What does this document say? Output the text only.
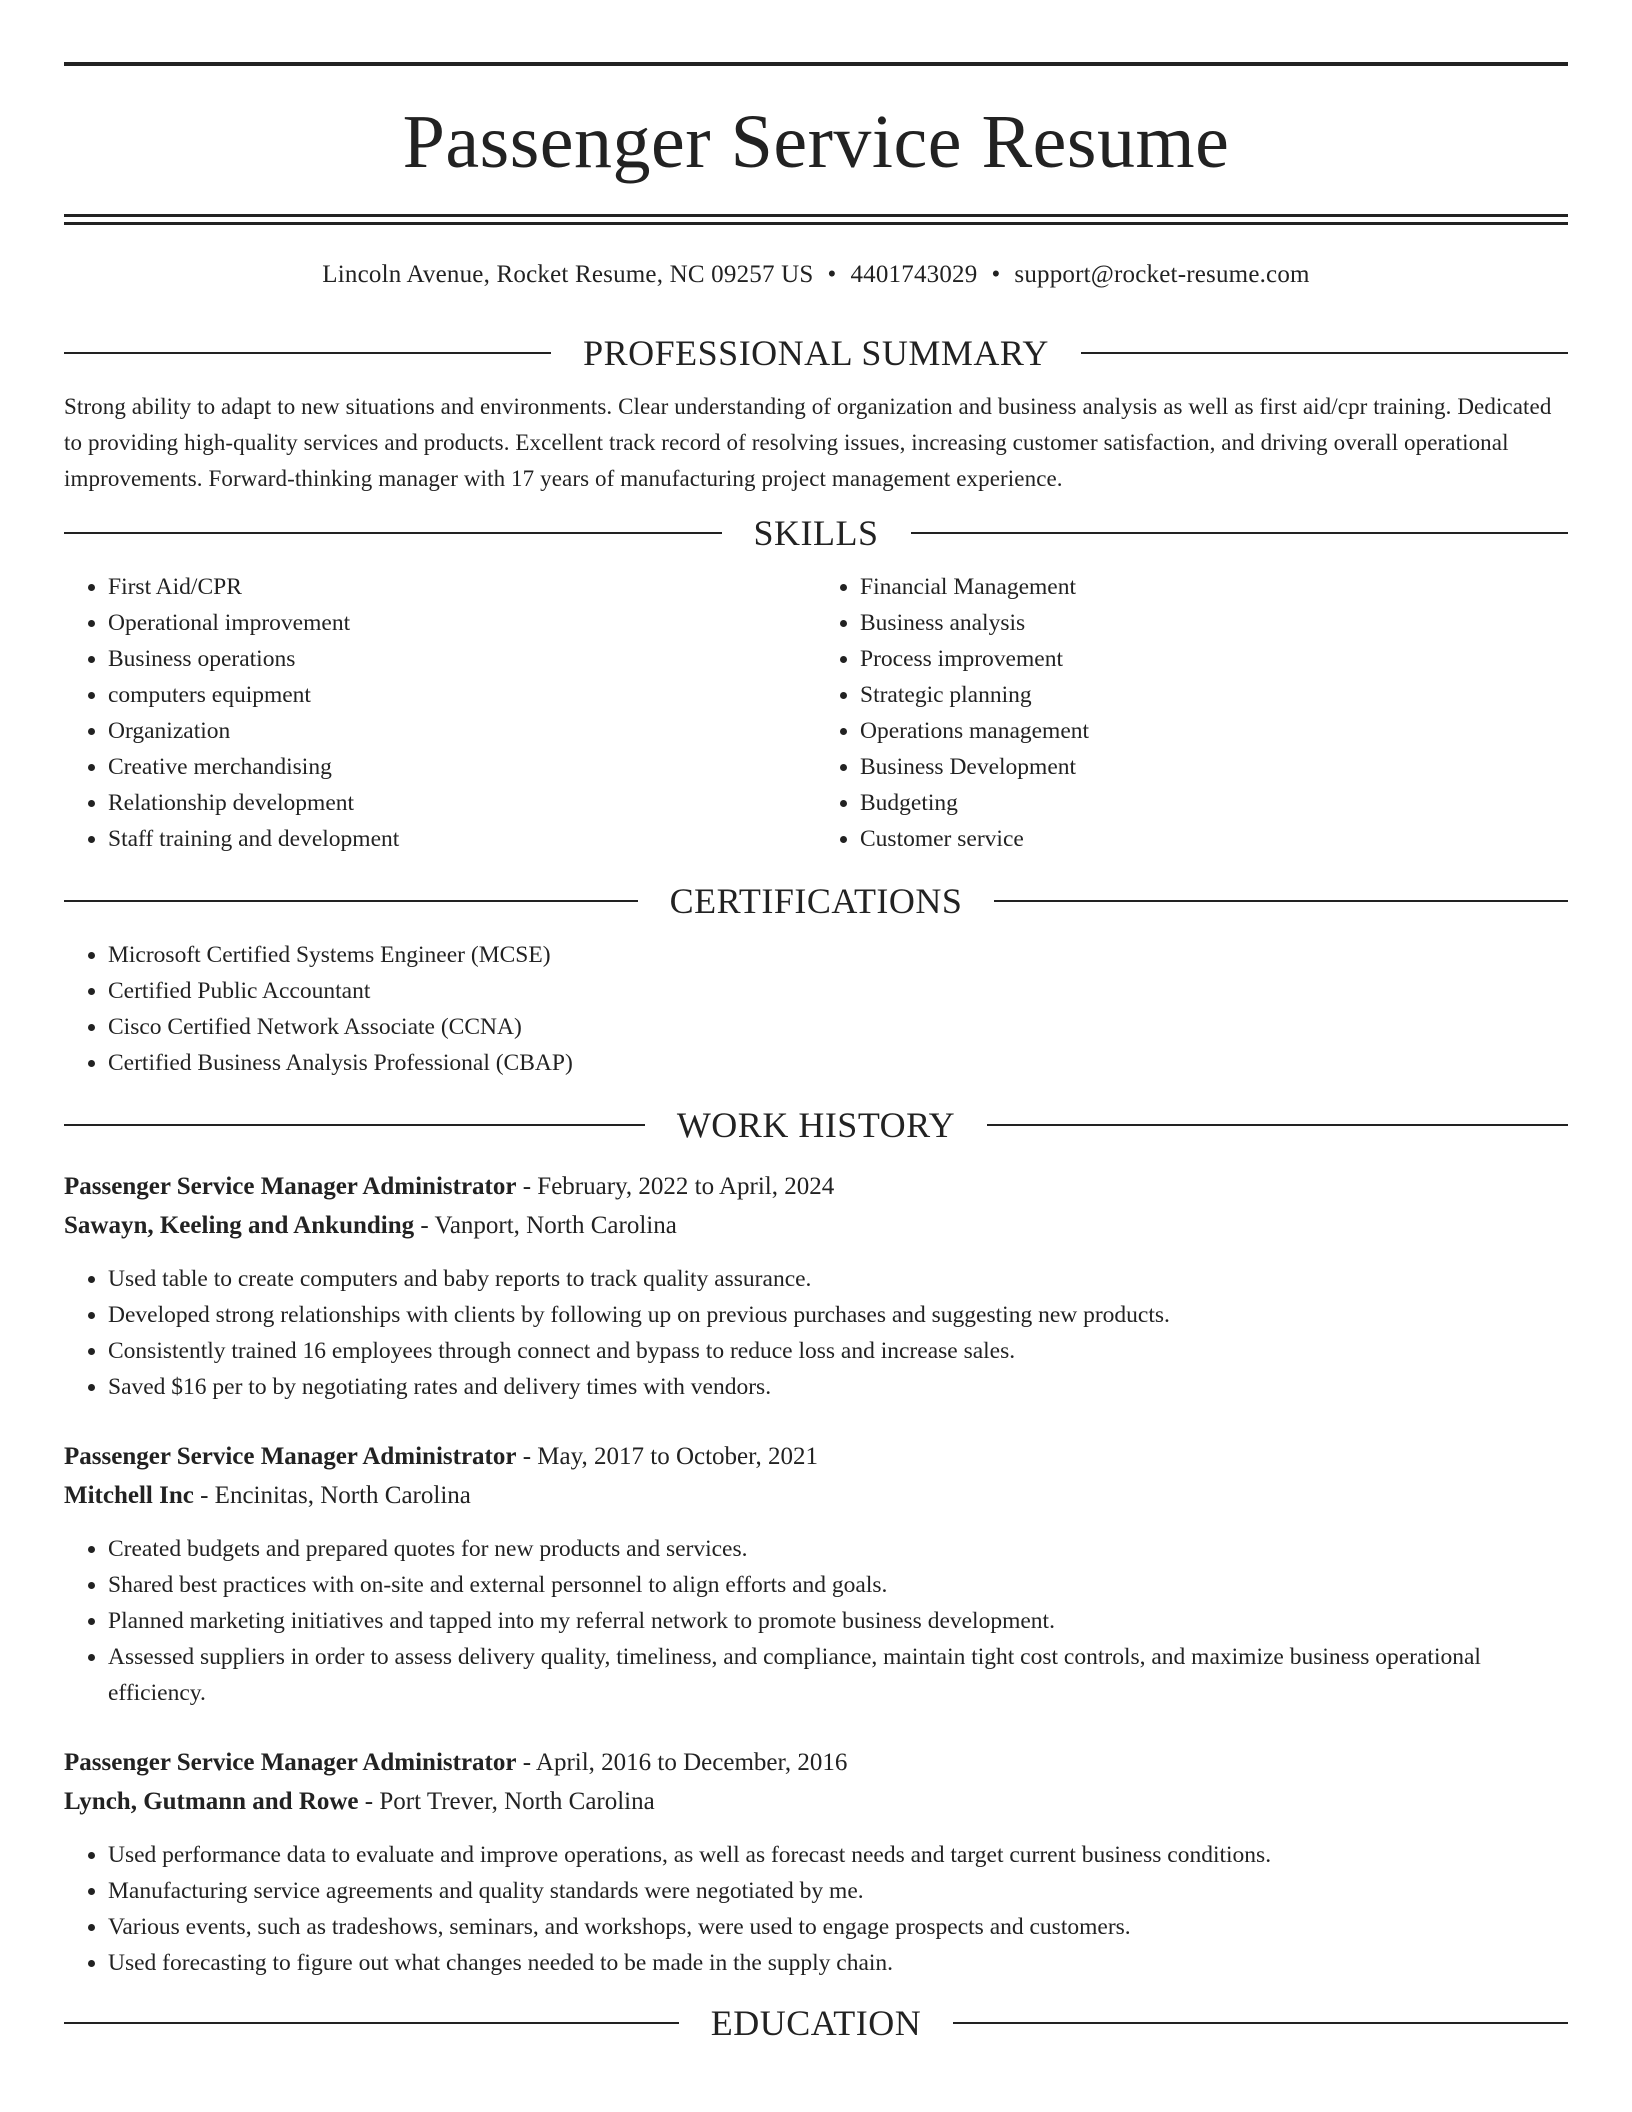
Passenger Service Resume
Lincoln Avenue, Rocket Resume, NC 09257 US • 4401743029 • support@rocket-resume.com
PROFESSIONAL SUMMARY

Strong ability to adapt to new situations and environments. Clear understanding of organization and business analysis as well as first aid/cpr training. Dedicated to providing high-quality services and products. Excellent track record of resolving issues, increasing customer satisfaction, and driving overall operational improvements. Forward-thinking manager with 17 years of manufacturing project management experience.

SKILLS
• First Aid/CPR
• Operational improvement
• Business operations
• computers equipment
• Organization
• Creative merchandising
• Relationship development
• Staff training and development
• Financial Management
• Business analysis
• Process improvement
• Strategic planning
• Operations management
• Business Development
• Budgeting
• Customer service
CERTIFICATIONS
• Microsoft Certified Systems Engineer (MCSE)
• Certified Public Accountant
• Cisco Certified Network Associate (CCNA)
• Certified Business Analysis Professional (CBAP)
WORK HISTORY
Passenger Service Manager Administrator - February, 2022 to April, 2024
Sawayn, Keeling and Ankunding - Vanport, North Carolina
• Used table to create computers and baby reports to track quality assurance.
• Developed strong relationships with clients by following up on previous purchases and suggesting new products.
• Consistently trained 16 employees through connect and bypass to reduce loss and increase sales.
• Saved $16 per to by negotiating rates and delivery times with vendors.
Passenger Service Manager Administrator - May, 2017 to October, 2021
Mitchell Inc - Encinitas, North Carolina
• Created budgets and prepared quotes for new products and services.
• Shared best practices with on-site and external personnel to align efforts and goals.
• Planned marketing initiatives and tapped into my referral network to promote business development.
• Assessed suppliers in order to assess delivery quality, timeliness, and compliance, maintain tight cost controls, and maximize business operational efficiency.
Passenger Service Manager Administrator - April, 2016 to December, 2016
Lynch, Gutmann and Rowe - Port Trever, North Carolina
• Used performance data to evaluate and improve operations, as well as forecast needs and target current business conditions.
• Manufacturing service agreements and quality standards were negotiated by me.
• Various events, such as tradeshows, seminars, and workshops, were used to engage prospects and customers.
• Used forecasting to figure out what changes needed to be made in the supply chain.
EDUCATION
